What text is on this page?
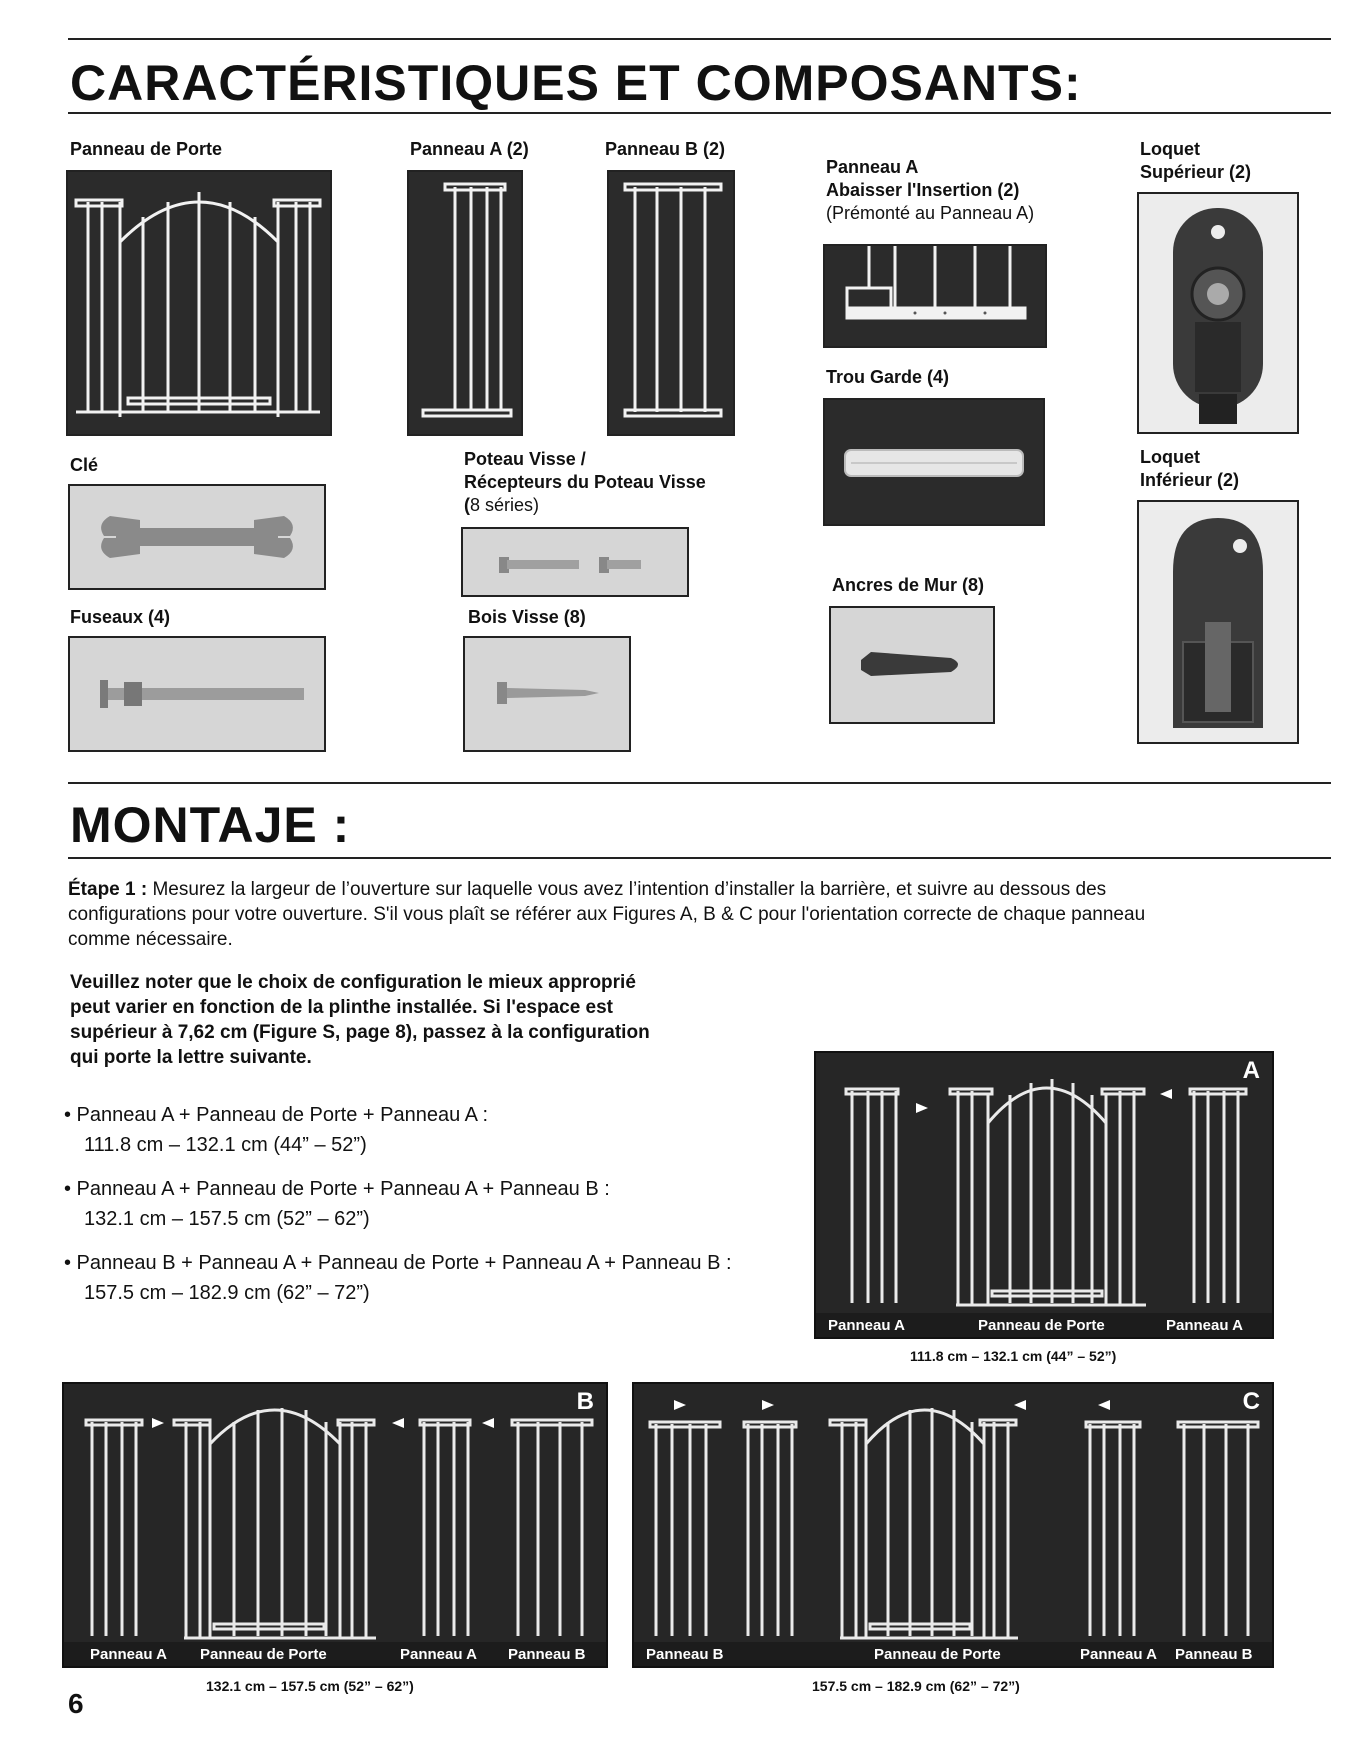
CARACTÉRISTIQUES ET COMPOSANTS:
Panneau de Porte	Panneau A (2)	Panneau B (2)
Panneau A
Abaisser l'Insertion (2)
(Prémonté au Panneau A)
Loquet
Supérieur (2)
Trou Garde (4)
Loquet
Inférieur (2)
Clé	Poteau Visse /
Récepteurs du Poteau Visse
(8 séries)
Ancres de Mur (8)
Fuseaux (4)	Bois Visse (8)
MONTAJE :
Étape 1 : Mesurez la largeur de l’ouverture sur laquelle vous avez l’intention d’installer la barrière, et suivre au dessous des
configurations pour votre ouverture. S'il vous plaît se référer aux Figures A, B & C pour l'orientation correcte de chaque panneau
comme nécessaire.
Veuillez noter que le choix de configuration le mieux approprié
peut varier en fonction de la plinthe installée. Si l'espace est
supérieur à 7,62 cm (Figure S, page 8), passez à la configuration
qui porte la lettre suivante.
• Panneau A + Panneau de Porte + Panneau A :
111.8 cm – 132.1 cm (44” – 52”)
• Panneau A + Panneau de Porte + Panneau A + Panneau B :
132.1 cm – 157.5 cm (52” – 62”)
• Panneau B + Panneau A + Panneau de Porte + Panneau A + Panneau B :
157.5 cm – 182.9 cm (62” – 72”)
A
Panneau A	Panneau de Porte	Panneau A
111.8 cm – 132.1 cm (44” – 52”)
B
Panneau A Panneau de Porte	Panneau A Panneau B
132.1 cm – 157.5 cm (52” – 62”)
C
Panneau B	Panneau de Porte	Panneau A Panneau B
157.5 cm – 182.9 cm (62” – 72”)
6
